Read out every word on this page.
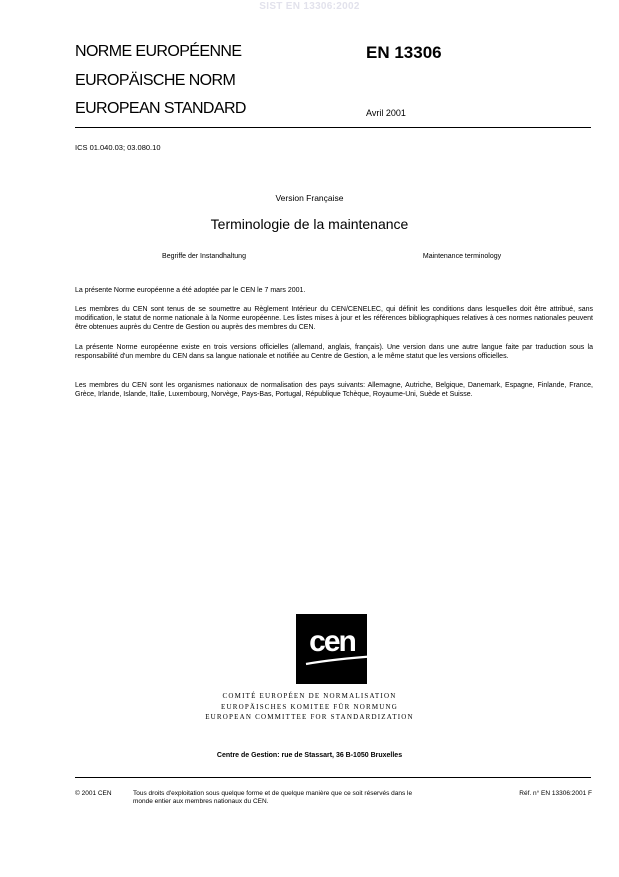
SIST EN 13306:2002
NORME EUROPÉENNE
EUROPÄISCHE NORM
EUROPEAN STANDARD
EN 13306
Avril 2001
ICS 01.040.03; 03.080.10
Version Française
Terminologie de la maintenance
Begriffe der Instandhaltung	Maintenance terminology
La présente Norme européenne a été adoptée par le CEN le 7 mars 2001.
Les membres du CEN sont tenus de se soumettre au Règlement Intérieur du CEN/CENELEC, qui définit les conditions dans lesquelles doit être attribué, sans modification, le statut de norme nationale à la Norme européenne. Les listes mises à jour et les références bibliographiques relatives à ces normes nationales peuvent être obtenues auprès du Centre de Gestion ou auprès des membres du CEN.
La présente Norme européenne existe en trois versions officielles (allemand, anglais, français). Une version dans une autre langue faite par traduction sous la responsabilité d'un membre du CEN dans sa langue nationale et notifiée au Centre de Gestion, a le même statut que les versions officielles.
Les membres du CEN sont les organismes nationaux de normalisation des pays suivants: Allemagne, Autriche, Belgique, Danemark, Espagne, Finlande, France, Grèce, Irlande, Islande, Italie, Luxembourg, Norvège, Pays-Bas, Portugal, République Tchèque, Royaume-Uni, Suède et Suisse.
cen
COMITÉ EUROPÉEN DE NORMALISATION
EUROPÄISCHES KOMITEE FÜR NORMUNG
EUROPEAN COMMITTEE FOR STANDARDIZATION
Centre de Gestion: rue de Stassart, 36 B-1050 Bruxelles
© 2001 CEN	Tous droits d'exploitation sous quelque forme et de quelque manière que ce soit réservés dans le monde entier aux membres nationaux du CEN.
Réf. n° EN 13306:2001 F
